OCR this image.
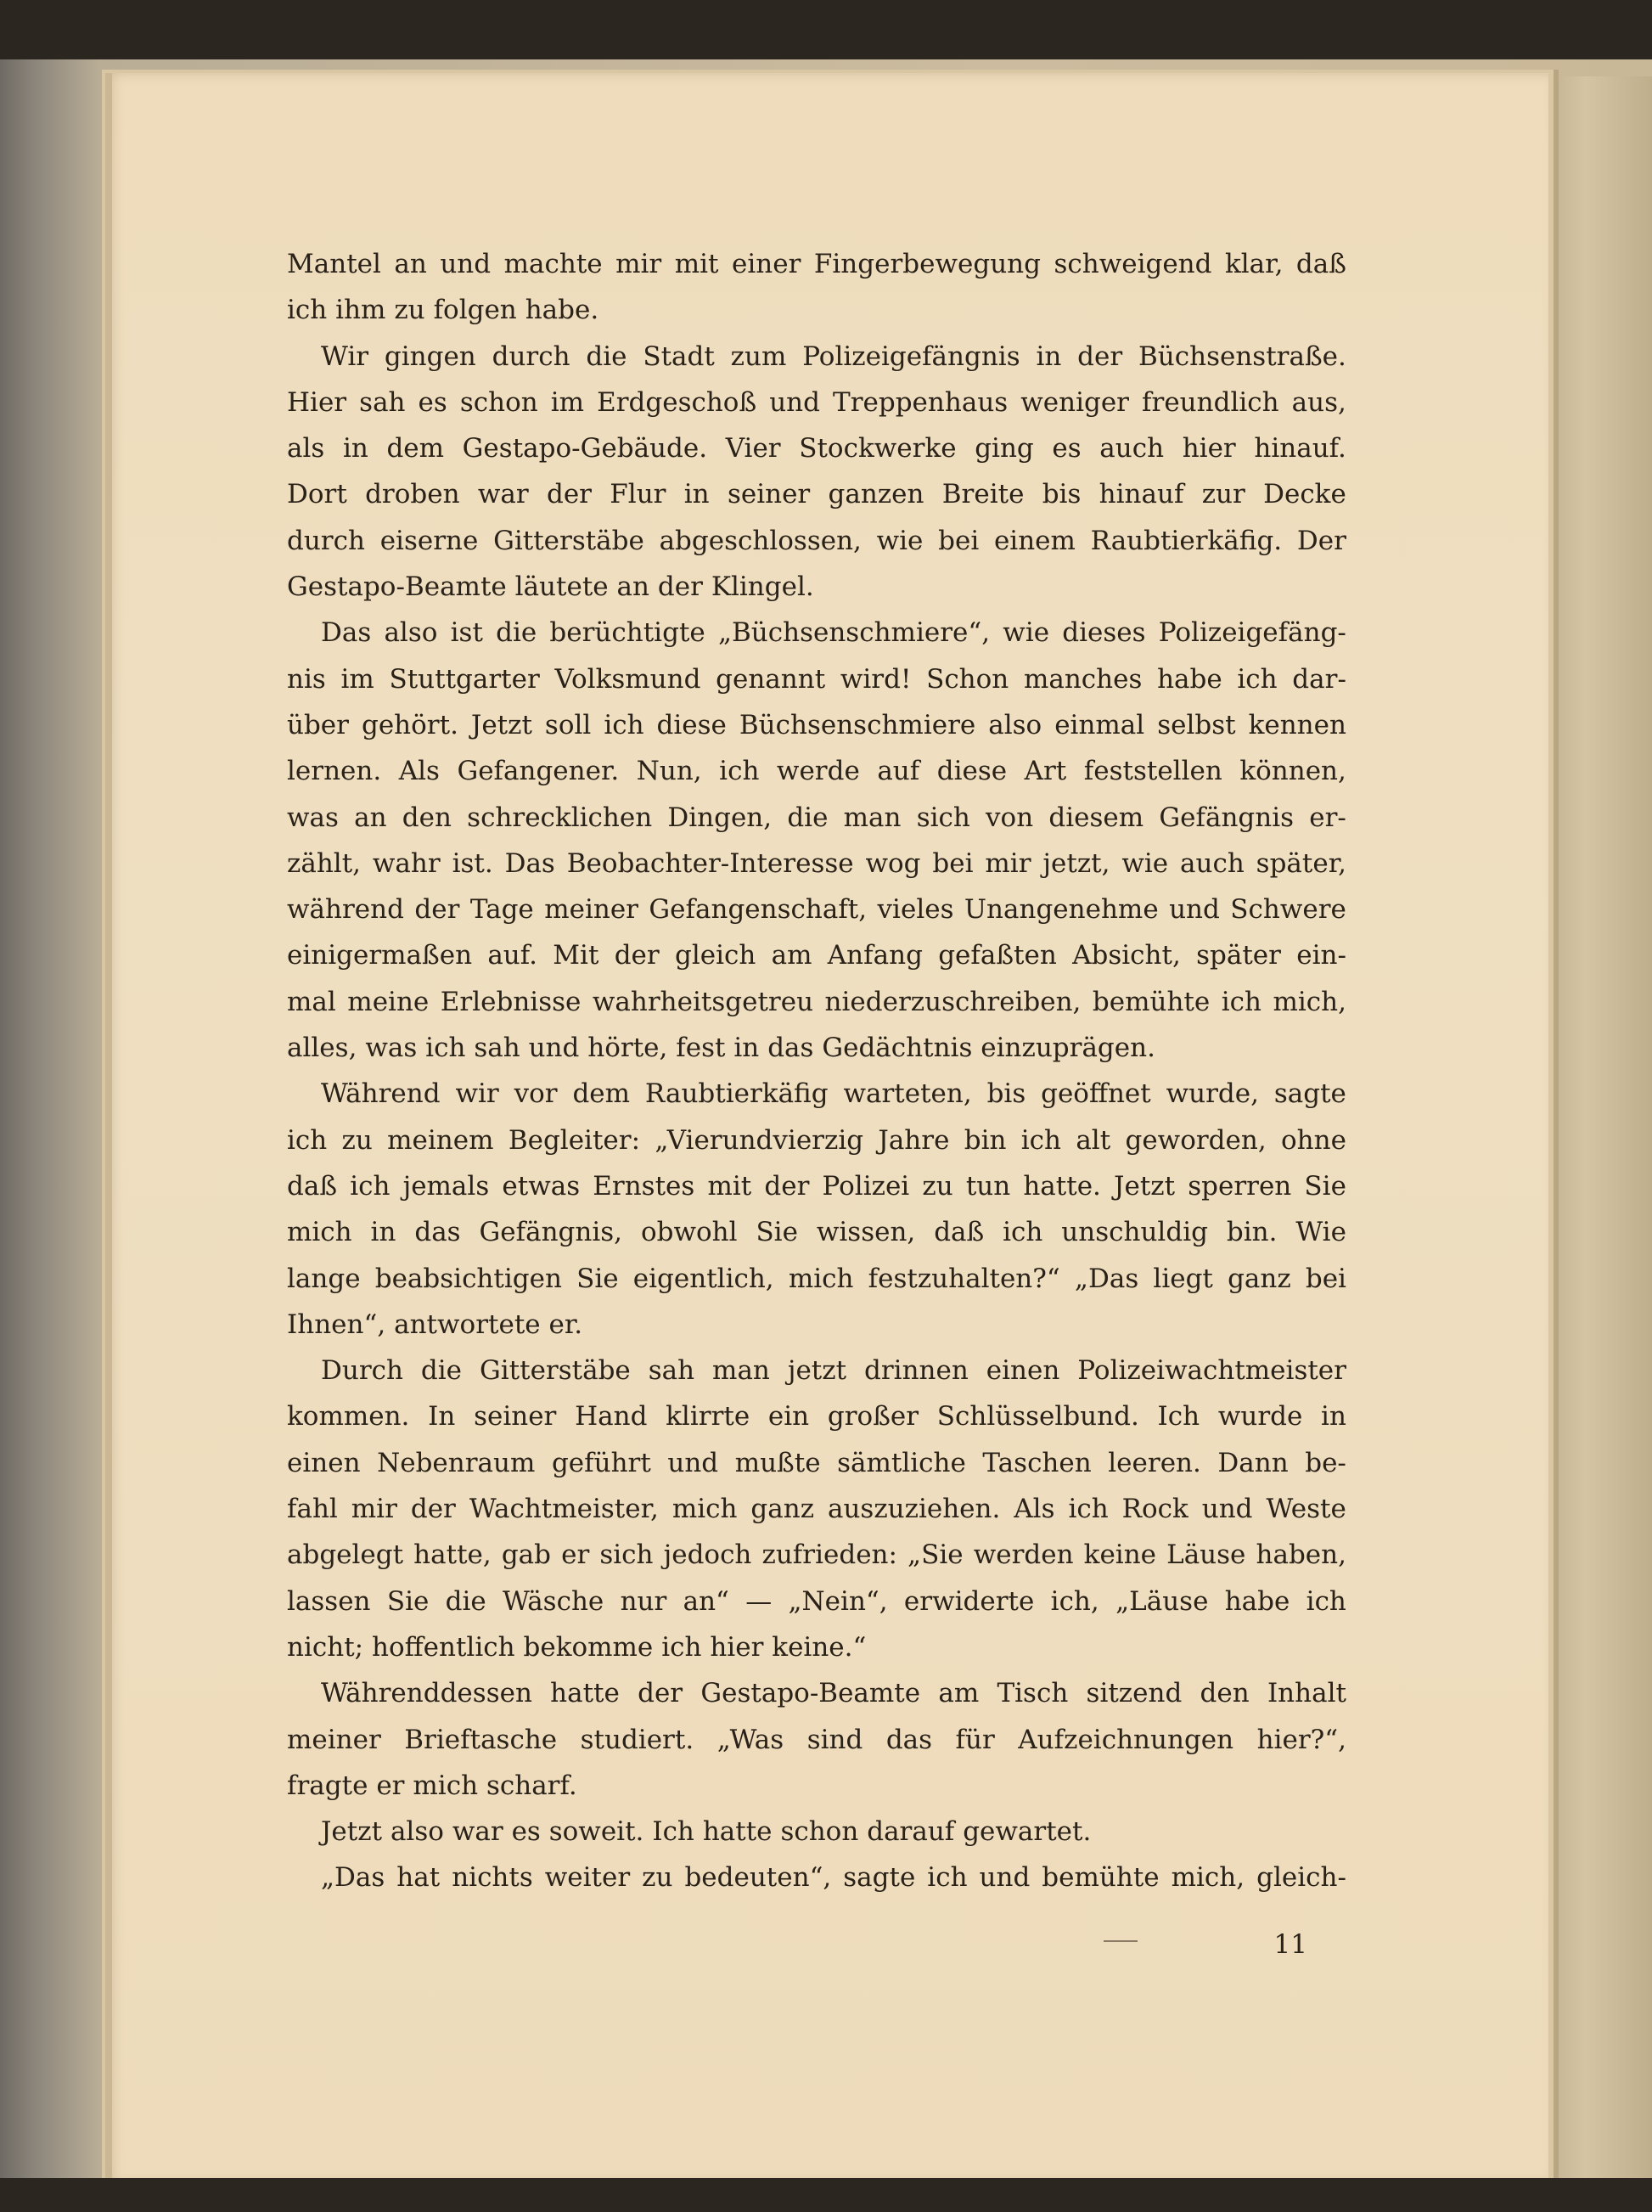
Mantel an und machte mir mit einer Fingerbewegung schweigend klar, daß
ich ihm zu folgen habe.
Wir gingen durch die Stadt zum Polizeigefängnis in der Büchsenstraße.
Hier sah es schon im Erdgeschoß und Treppenhaus weniger freundlich aus,
als in dem Gestapo-Gebäude. Vier Stockwerke ging es auch hier hinauf.
Dort droben war der Flur in seiner ganzen Breite bis hinauf zur Decke
durch eiserne Gitterstäbe abgeschlossen, wie bei einem Raubtierkäfig. Der
Gestapo-Beamte läutete an der Klingel.
Das also ist die berüchtigte „Büchsenschmiere“, wie dieses Polizeigefäng-
nis im Stuttgarter Volksmund genannt wird! Schon manches habe ich dar-
über gehört. Jetzt soll ich diese Büchsenschmiere also einmal selbst kennen
lernen. Als Gefangener. Nun, ich werde auf diese Art feststellen können,
was an den schrecklichen Dingen, die man sich von diesem Gefängnis er-
zählt, wahr ist. Das Beobachter-Interesse wog bei mir jetzt, wie auch später,
während der Tage meiner Gefangenschaft, vieles Unangenehme und Schwere
einigermaßen auf. Mit der gleich am Anfang gefaßten Absicht, später ein-
mal meine Erlebnisse wahrheitsgetreu niederzuschreiben, bemühte ich mich,
alles, was ich sah und hörte, fest in das Gedächtnis einzuprägen.
Während wir vor dem Raubtierkäfig warteten, bis geöffnet wurde, sagte
ich zu meinem Begleiter: „Vierundvierzig Jahre bin ich alt geworden, ohne
daß ich jemals etwas Ernstes mit der Polizei zu tun hatte. Jetzt sperren Sie
mich in das Gefängnis, obwohl Sie wissen, daß ich unschuldig bin. Wie
lange beabsichtigen Sie eigentlich, mich festzuhalten?“ „Das liegt ganz bei
Ihnen“, antwortete er.
Durch die Gitterstäbe sah man jetzt drinnen einen Polizeiwachtmeister
kommen. In seiner Hand klirrte ein großer Schlüsselbund. Ich wurde in
einen Nebenraum geführt und mußte sämtliche Taschen leeren. Dann be-
fahl mir der Wachtmeister, mich ganz auszuziehen. Als ich Rock und Weste
abgelegt hatte, gab er sich jedoch zufrieden: „Sie werden keine Läuse haben,
lassen Sie die Wäsche nur an“ — „Nein“, erwiderte ich, „Läuse habe ich
nicht; hoffentlich bekomme ich hier keine.“
Währenddessen hatte der Gestapo-Beamte am Tisch sitzend den Inhalt
meiner Brieftasche studiert. „Was sind das für Aufzeichnungen hier?“,
fragte er mich scharf.
Jetzt also war es soweit. Ich hatte schon darauf gewartet.
„Das hat nichts weiter zu bedeuten“, sagte ich und bemühte mich, gleich-
11
